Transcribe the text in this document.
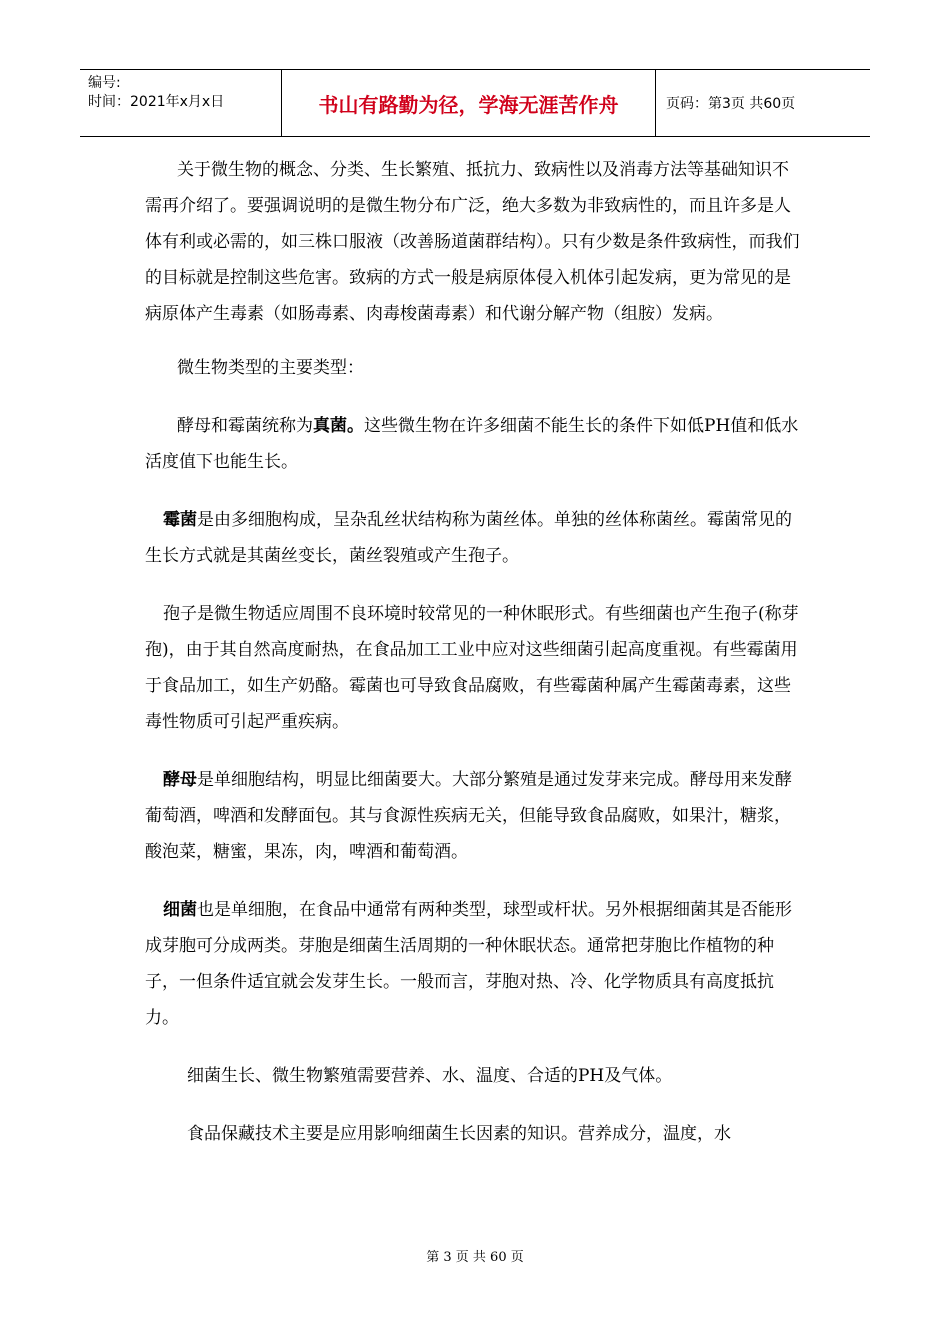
编号:
时间：2021年x月x日	书山有路勤为径，学海无涯苦作舟	页码：第3页 共60页

关于微生物的概念、分类、生长繁殖、抵抗力、致病性以及消毒方法等基础知识不需再介绍了。要强调说明的是微生物分布广泛，绝大多数为非致病性的，而且许多是人体有利或必需的，如三株口服液（改善肠道菌群结构）。只有少数是条件致病性，而我们的目标就是控制这些危害。致病的方式一般是病原体侵入机体引起发病，更为常见的是病原体产生毒素（如肠毒素、肉毒梭菌毒素）和代谢分解产物（组胺）发病。

微生物类型的主要类型：

酵母和霉菌统称为真菌。这些微生物在许多细菌不能生长的条件下如低PH值和低水活度值下也能生长。

霉菌是由多细胞构成，呈杂乱丝状结构称为菌丝体。单独的丝体称菌丝。霉菌常见的生长方式就是其菌丝变长，菌丝裂殖或产生孢子。

孢子是微生物适应周围不良环境时较常见的一种休眠形式。有些细菌也产生孢子(称芽孢)，由于其自然高度耐热，在食品加工工业中应对这些细菌引起高度重视。有些霉菌用于食品加工，如生产奶酪。霉菌也可导致食品腐败，有些霉菌种属产生霉菌毒素，这些毒性物质可引起严重疾病。

酵母是单细胞结构，明显比细菌要大。大部分繁殖是通过发芽来完成。酵母用来发酵葡萄酒，啤酒和发酵面包。其与食源性疾病无关，但能导致食品腐败，如果汁，糖浆，酸泡菜，糖蜜，果冻，肉，啤酒和葡萄酒。

细菌也是单细胞，在食品中通常有两种类型，球型或杆状。另外根据细菌其是否能形成芽胞可分成两类。芽胞是细菌生活周期的一种休眠状态。通常把芽胞比作植物的种子，一但条件适宜就会发芽生长。一般而言，芽胞对热、冷、化学物质具有高度抵抗力。

细菌生长、微生物繁殖需要营养、水、温度、合适的PH及气体。

食品保藏技术主要是应用影响细菌生长因素的知识。营养成分，温度，水

第 3 页 共 60 页
